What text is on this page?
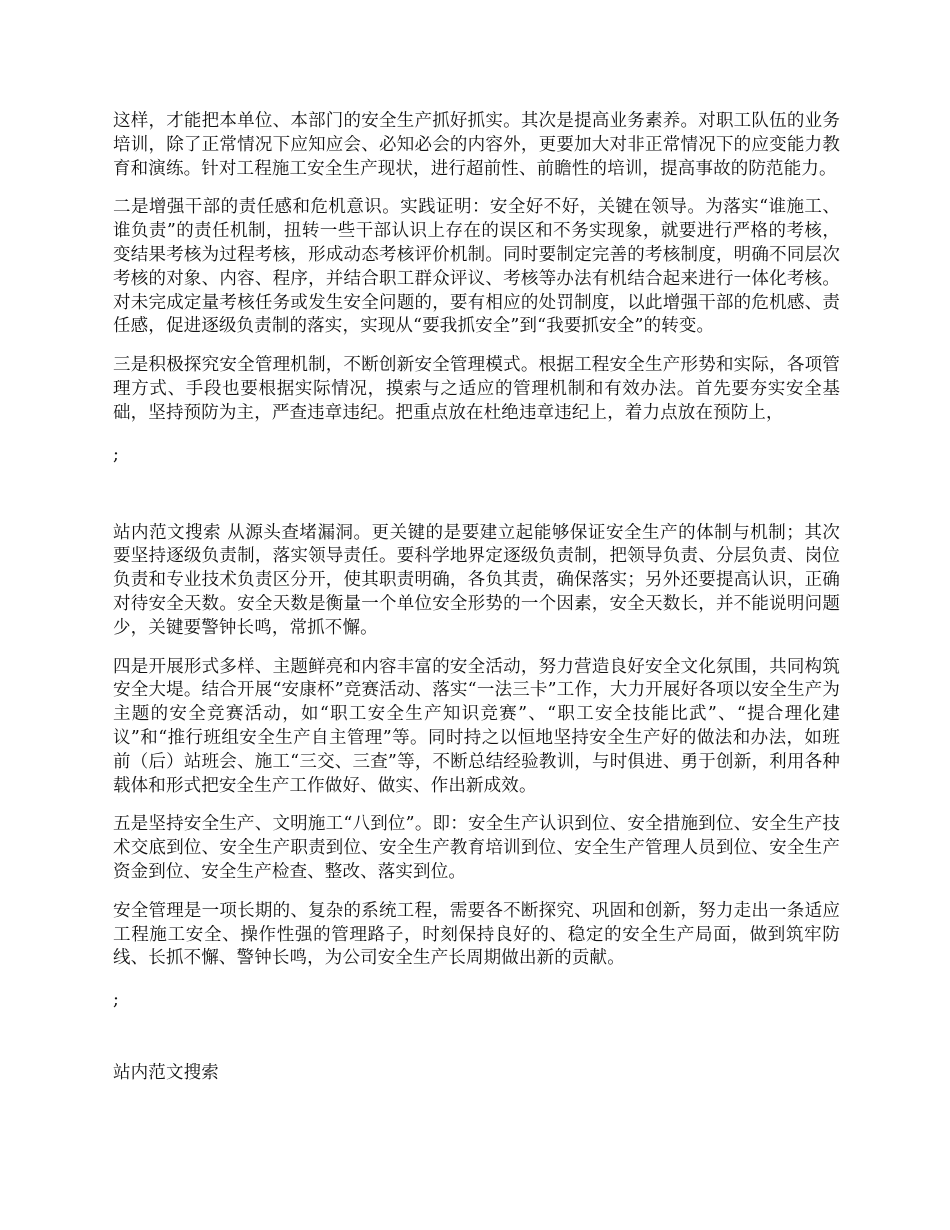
这样，才能把本单位、本部门的安全生产抓好抓实。其次是提高业务素养。对职工队伍的业务培训，除了正常情况下应知应会、必知必会的内容外，更要加大对非正常情况下的应变能力教育和演练。针对工程施工安全生产现状，进行超前性、前瞻性的培训，提高事故的防范能力。

二是增强干部的责任感和危机意识。实践证明：安全好不好，关键在领导。为落实“谁施工、谁负责”的责任机制，扭转一些干部认识上存在的误区和不务实现象，就要进行严格的考核，变结果考核为过程考核，形成动态考核评价机制。同时要制定完善的考核制度，明确不同层次考核的对象、内容、程序，并结合职工群众评议、考核等办法有机结合起来进行一体化考核。对未完成定量考核任务或发生安全问题的，要有相应的处罚制度，以此增强干部的危机感、责任感，促进逐级负责制的落实，实现从“要我抓安全”到“我要抓安全”的转变。

三是积极探究安全管理机制，不断创新安全管理模式。根据工程安全生产形势和实际，各项管理方式、手段也要根据实际情况，摸索与之适应的管理机制和有效办法。首先要夯实安全基础，坚持预防为主，严查违章违纪。把重点放在杜绝违章违纪上，着力点放在预防上，

;

站内范文搜索 从源头查堵漏洞。更关键的是要建立起能够保证安全生产的体制与机制；其次要坚持逐级负责制，落实领导责任。要科学地界定逐级负责制，把领导负责、分层负责、岗位负责和专业技术负责区分开，使其职责明确，各负其责，确保落实；另外还要提高认识，正确对待安全天数。安全天数是衡量一个单位安全形势的一个因素，安全天数长，并不能说明问题少，关键要警钟长鸣，常抓不懈。

四是开展形式多样、主题鲜亮和内容丰富的安全活动，努力营造良好安全文化氛围，共同构筑安全大堤。结合开展“安康杯”竞赛活动、落实“一法三卡”工作，大力开展好各项以安全生产为主题的安全竞赛活动，如“职工安全生产知识竞赛”、“职工安全技能比武”、“提合理化建议”和“推行班组安全生产自主管理”等。同时持之以恒地坚持安全生产好的做法和办法，如班前（后）站班会、施工“三交、三查”等，不断总结经验教训，与时俱进、勇于创新，利用各种载体和形式把安全生产工作做好、做实、作出新成效。

五是坚持安全生产、文明施工“八到位”。即：安全生产认识到位、安全措施到位、安全生产技术交底到位、安全生产职责到位、安全生产教育培训到位、安全生产管理人员到位、安全生产资金到位、安全生产检查、整改、落实到位。

安全管理是一项长期的、复杂的系统工程，需要各不断探究、巩固和创新，努力走出一条适应工程施工安全、操作性强的管理路子，时刻保持良好的、稳定的安全生产局面，做到筑牢防线、长抓不懈、警钟长鸣，为公司安全生产长周期做出新的贡献。

;

站内范文搜索
